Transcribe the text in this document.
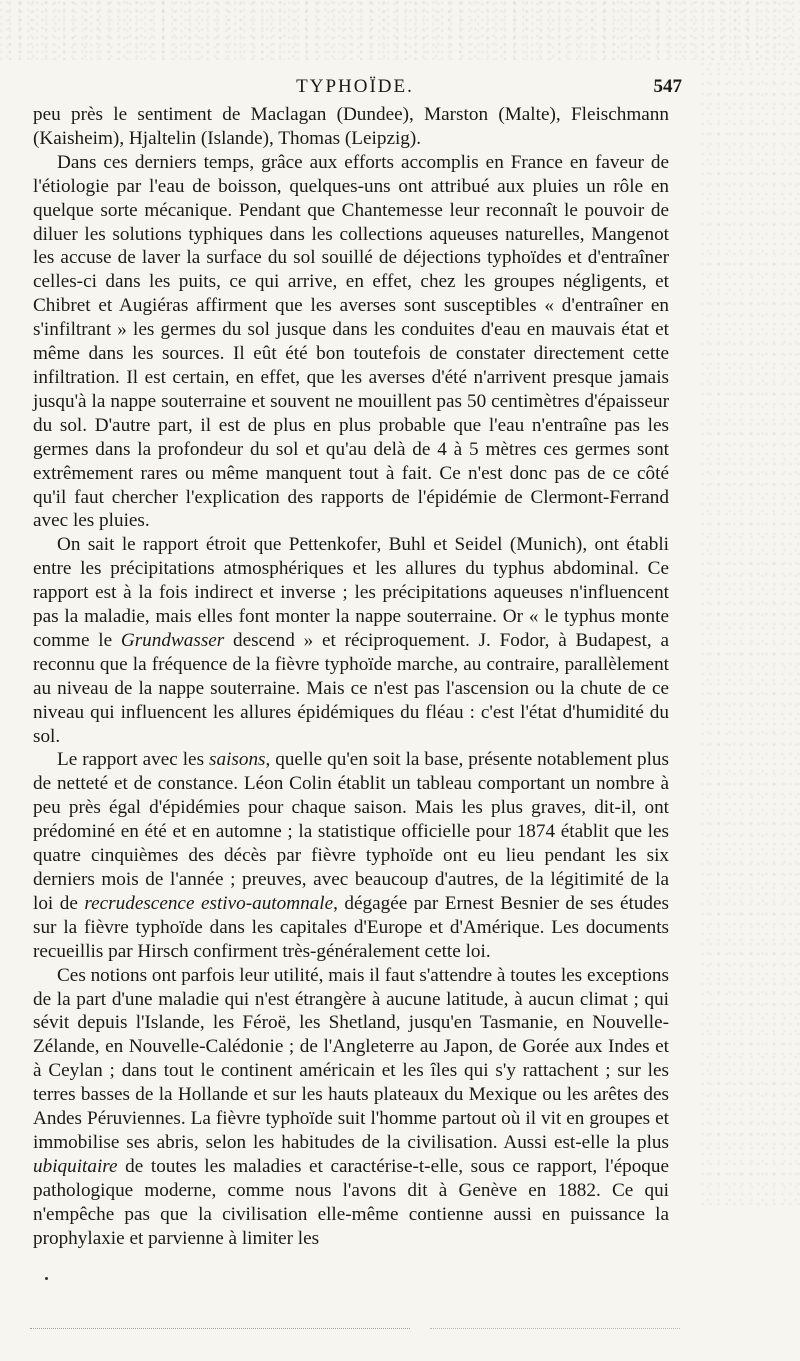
TYPHOÏDE.	547

peu près le sentiment de Maclagan (Dundee), Marston (Malte), Fleischmann (Kaisheim), Hjaltelin (Islande), Thomas (Leipzig).

Dans ces derniers temps, grâce aux efforts accomplis en France en faveur de l'étiologie par l'eau de boisson, quelques-uns ont attribué aux pluies un rôle en quelque sorte mécanique. Pendant que Chantemesse leur reconnaît le pouvoir de diluer les solutions typhiques dans les collections aqueuses naturelles, Mangenot les accuse de laver la surface du sol souillé de déjections typhoïdes et d'entraîner celles-ci dans les puits, ce qui arrive, en effet, chez les groupes négligents, et Chibret et Augiéras affirment que les averses sont susceptibles « d'entraîner en s'infiltrant » les germes du sol jusque dans les conduites d'eau en mauvais état et même dans les sources. Il eût été bon toutefois de constater directement cette infiltration. Il est certain, en effet, que les averses d'été n'arrivent presque jamais jusqu'à la nappe souterraine et souvent ne mouillent pas 50 centimètres d'épaisseur du sol. D'autre part, il est de plus en plus probable que l'eau n'entraîne pas les germes dans la profondeur du sol et qu'au delà de 4 à 5 mètres ces germes sont extrêmement rares ou même manquent tout à fait. Ce n'est donc pas de ce côté qu'il faut chercher l'explication des rapports de l'épidémie de Clermont-Ferrand avec les pluies.

On sait le rapport étroit que Pettenkofer, Buhl et Seidel (Munich), ont établi entre les précipitations atmosphériques et les allures du typhus abdominal. Ce rapport est à la fois indirect et inverse ; les précipitations aqueuses n'influencent pas la maladie, mais elles font monter la nappe souterraine. Or « le typhus monte comme le Grundwasser descend » et réciproquement. J. Fodor, à Budapest, a reconnu que la fréquence de la fièvre typhoïde marche, au contraire, parallèlement au niveau de la nappe souterraine. Mais ce n'est pas l'ascension ou la chute de ce niveau qui influencent les allures épidémiques du fléau : c'est l'état d'humidité du sol.

Le rapport avec les saisons, quelle qu'en soit la base, présente notablement plus de netteté et de constance. Léon Colin établit un tableau comportant un nombre à peu près égal d'épidémies pour chaque saison. Mais les plus graves, dit-il, ont prédominé en été et en automne ; la statistique officielle pour 1874 établit que les quatre cinquièmes des décès par fièvre typhoïde ont eu lieu pendant les six derniers mois de l'année ; preuves, avec beaucoup d'autres, de la légitimité de la loi de recrudescence estivo-automnale, dégagée par Ernest Besnier de ses études sur la fièvre typhoïde dans les capitales d'Europe et d'Amérique. Les documents recueillis par Hirsch confirment très-généralement cette loi.

Ces notions ont parfois leur utilité, mais il faut s'attendre à toutes les exceptions de la part d'une maladie qui n'est étrangère à aucune latitude, à aucun climat ; qui sévit depuis l'Islande, les Féroë, les Shetland, jusqu'en Tasmanie, en Nouvelle-Zélande, en Nouvelle-Calédonie ; de l'Angleterre au Japon, de Gorée aux Indes et à Ceylan ; dans tout le continent américain et les îles qui s'y rattachent ; sur les terres basses de la Hollande et sur les hauts plateaux du Mexique ou les arêtes des Andes Péruviennes. La fièvre typhoïde suit l'homme partout où il vit en groupes et immobilise ses abris, selon les habitudes de la civilisation. Aussi est-elle la plus ubiquitaire de toutes les maladies et caractérise-t-elle, sous ce rapport, l'époque pathologique moderne, comme nous l'avons dit à Genève en 1882. Ce qui n'empêche pas que la civilisation elle-même contienne aussi en puissance la prophylaxie et parvienne à limiter les
